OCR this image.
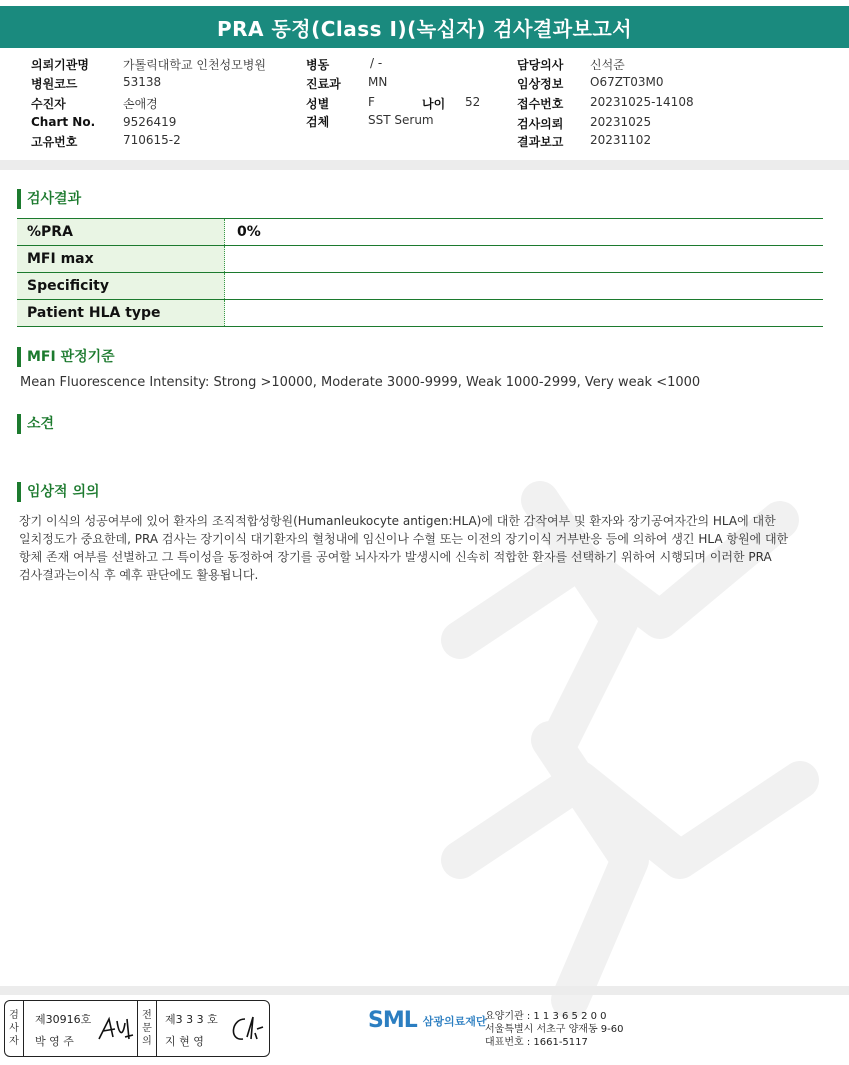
PRA 동정(Class I)(녹십자) 검사결과보고서
의뢰기관명	가톨릭대학교 인천성모병원
병원코드	53138
수진자	손애경
Chart No. 9526419
고유번호	710615-2
병동	/ -
진료과 MN
성별	F	나이 52
검체	SST Serum
담당의사 신석준
임상정보 O67ZT03M0
접수번호 20231025-14108
검사의뢰 20231025
결과보고 20231102
검사결과
%PRA	0%
MFI max	
Specificity	
Patient HLA type	
MFI 판정기준
Mean Fluorescence Intensity: Strong >10000, Moderate 3000-9999, Weak 1000-2999, Very weak <1000
소견
임상적 의의

장기 이식의 성공여부에 있어 환자의 조직적합성항원(Humanleukocyte antigen:HLA)에 대한 감작여부 및 환자와 장기공여자간의 HLA에 대한

일치정도가 중요한데, PRA 검사는 장기이식 대기환자의 혈청내에 임신이나 수혈 또는 이전의 장기이식 거부반응 등에 의하여 생긴 HLA 항원에 대한

항체 존재 여부를 선별하고 그 특이성을 동정하여 장기를 공여할 뇌사자가 발생시에 신속히 적합한 환자를 선택하기 위하여 시행되며 이러한 PRA

검사결과는이식 후 예후 판단에도 활용됩니다.

검
사
자
제30916호
박 영 주
전
문
의
제3 3 3 호
지 현 영
SML 삼광의료재단
요양기관 : 1 1 3 6 5 2 0 0
서울특별시 서초구 양재동 9-60
대표번호 : 1661-5117
